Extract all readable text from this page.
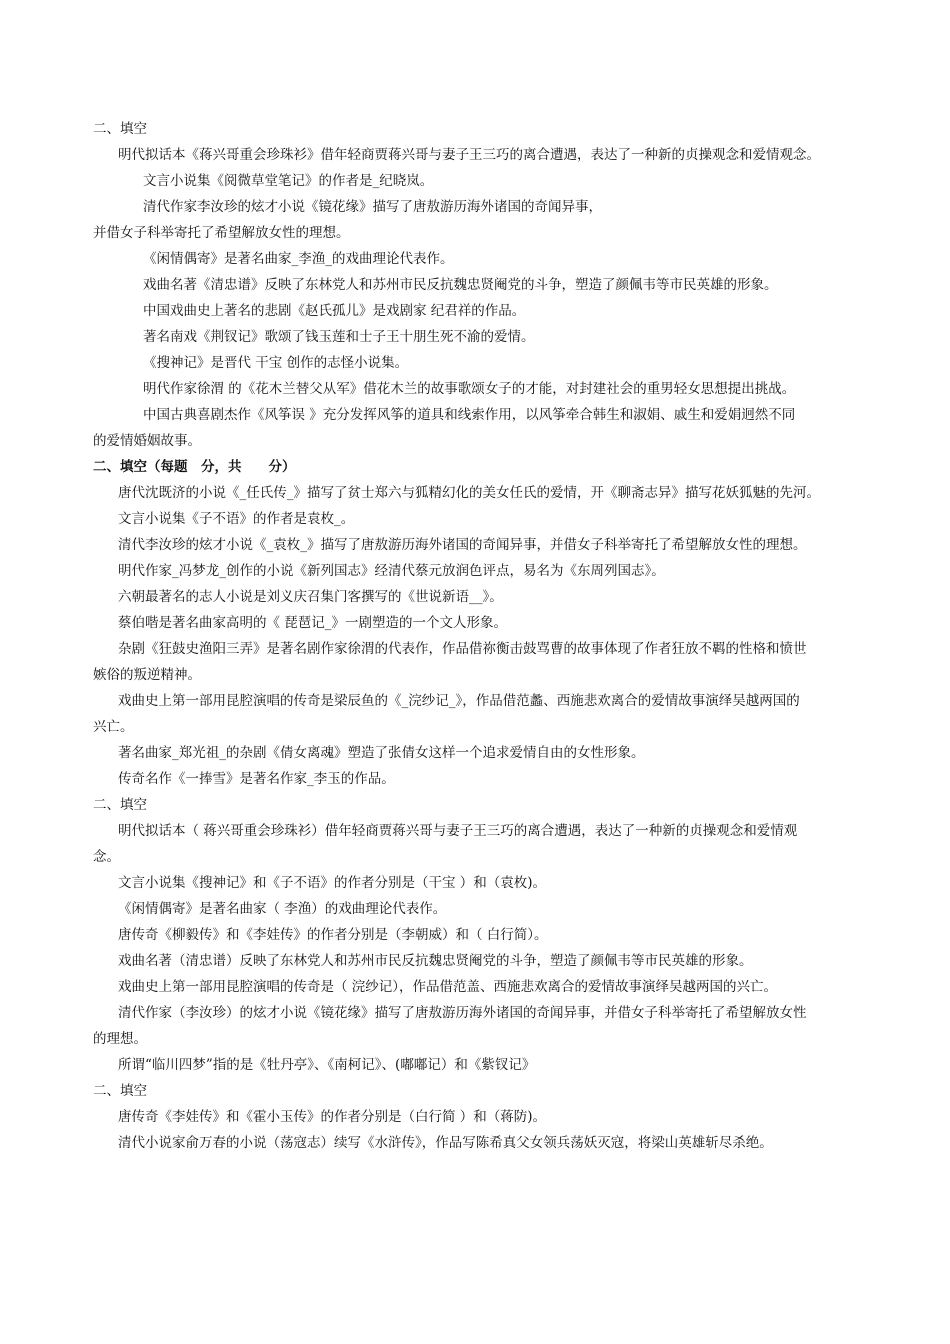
二、填空
明代拟话本《蒋兴哥重会珍珠衫》借年轻商贾蒋兴哥与妻子王三巧的离合遭遇，表达了一种新的贞操观念和爱情观念。
文言小说集《阅微草堂笔记》的作者是_纪晓岚。
清代作家李汝珍的炫才小说《镜花缘》描写了唐敖游历海外诸国的奇闻异事，
并借女子科举寄托了希望解放女性的理想。
《闲情偶寄》是著名曲家_李渔_的戏曲理论代表作。
戏曲名著《清忠谱》反映了东林党人和苏州市民反抗魏忠贤阉党的斗争，塑造了颜佩韦等市民英雄的形象。
中国戏曲史上著名的悲剧《赵氏孤儿》是戏剧家 纪君祥的作品。
著名南戏《荆钗记》歌颂了钱玉莲和士子王十朋生死不渝的爱情。
《搜神记》是晋代 干宝 创作的志怪小说集。
明代作家徐渭 的《花木兰替父从军》借花木兰的故事歌颂女子的才能，对封建社会的重男轻女思想提出挑战。
中国古典喜剧杰作《风筝误 》充分发挥风筝的道具和线索作用，以风筝牵合韩生和淑娟、戚生和爱娟迥然不同
的爱情婚姻故事。
二、填空（每题　分，共　　分）
唐代沈既济的小说《_任氏传_》描写了贫士郑六与狐精幻化的美女任氏的爱情，开《聊斋志异》描写花妖狐魅的先河。
文言小说集《子不语》的作者是袁枚_。
清代李汝珍的炫才小说《_袁枚_》描写了唐敖游历海外诸国的奇闻异事，并借女子科举寄托了希望解放女性的理想。
明代作家_冯梦龙_创作的小说《新列国志》经清代蔡元放润色评点，易名为《东周列国志》。
六朝最著名的志人小说是刘义庆召集门客撰写的《世说新语__》。
蔡伯喈是著名曲家高明的《 琵琶记_》一剧塑造的一个文人形象。
杂剧《狂鼓史渔阳三弄》是著名剧作家徐渭的代表作，作品借祢衡击鼓骂曹的故事体现了作者狂放不羁的性格和愤世
嫉俗的叛逆精神。
戏曲史上第一部用昆腔演唱的传奇是梁辰鱼的《_浣纱记_》，作品借范蠡、西施悲欢离合的爱情故事演绎吴越两国的
兴亡。
著名曲家_郑光祖_的杂剧《倩女离魂》塑造了张倩女这样一个追求爱情自由的女性形象。
传奇名作《一捧雪》是著名作家_李玉的作品。
二、填空
明代拟话本（ 蒋兴哥重会珍珠衫）借年轻商贾蒋兴哥与妻子王三巧的离合遭遇，表达了一种新的贞操观念和爱情观
念。
文言小说集《搜神记》和《子不语》的作者分别是（干宝 ）和（袁枚)。
《闲情偶寄》是著名曲家（ 李渔）的戏曲理论代表作。
唐传奇《柳毅传》和《李娃传》的作者分别是（李朝威）和（ 白行简）。
戏曲名著（清忠谱）反映了东林党人和苏州市民反抗魏忠贤阉党的斗争，塑造了颜佩韦等市民英雄的形象。
戏曲史上第一部用昆腔演唱的传奇是（ 浣纱记），作品借范盖、西施悲欢离合的爱情故事演绎吴越两国的兴亡。
清代作家（李汝珍）的炫才小说《镜花缘》描写了唐敖游历海外诸国的奇闻异事，并借女子科举寄托了希望解放女性
的理想。
所谓“临川四梦”指的是《牡丹亭》、《南柯记》、(嘟嘟记）和《紫钗记》
二、填空
唐传奇《李娃传》和《霍小玉传》的作者分别是（白行简 ）和（蒋防)。
清代小说家俞万春的小说（荡寇志）续写《水浒传》，作品写陈希真父女领兵荡妖灭寇，将梁山英雄斩尽杀绝。
